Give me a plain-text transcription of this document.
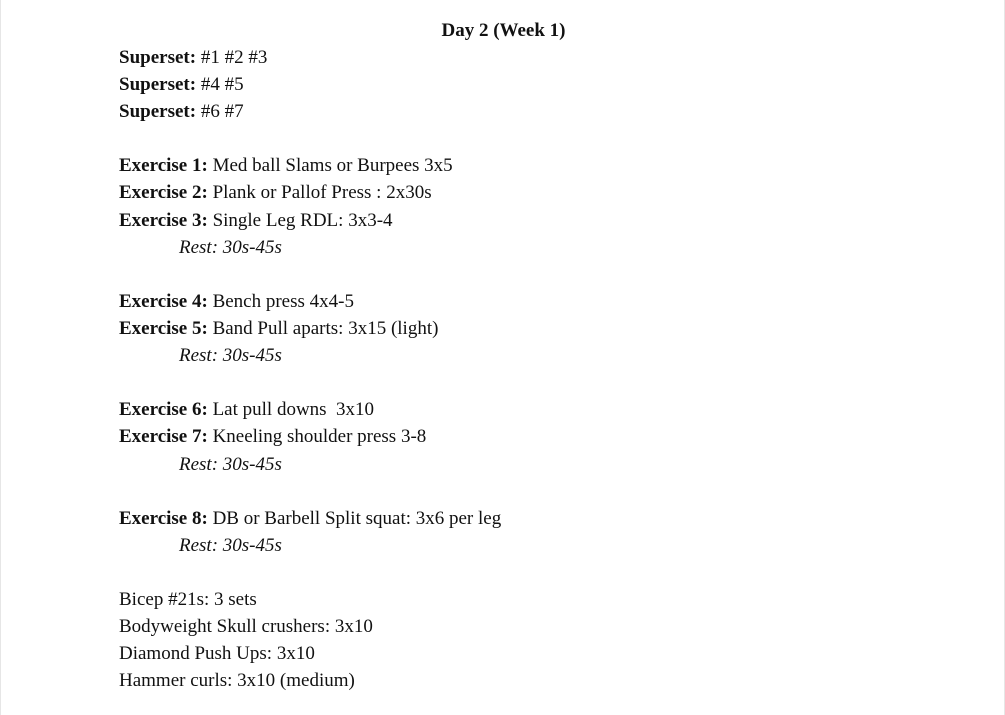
Day 2 (Week 1)
Superset: #1 #2 #3
Superset: #4 #5
Superset: #6 #7
Exercise 1: Med ball Slams or Burpees 3x5
Exercise 2: Plank or Pallof Press : 2x30s
Exercise 3: Single Leg RDL: 3x3-4
Rest: 30s-45s
Exercise 4: Bench press 4x4-5
Exercise 5: Band Pull aparts: 3x15 (light)
Rest: 30s-45s
Exercise 6: Lat pull downs  3x10
Exercise 7: Kneeling shoulder press 3-8
Rest: 30s-45s
Exercise 8: DB or Barbell Split squat: 3x6 per leg
Rest: 30s-45s
Bicep #21s: 3 sets
Bodyweight Skull crushers: 3x10
Diamond Push Ups: 3x10
Hammer curls: 3x10 (medium)
